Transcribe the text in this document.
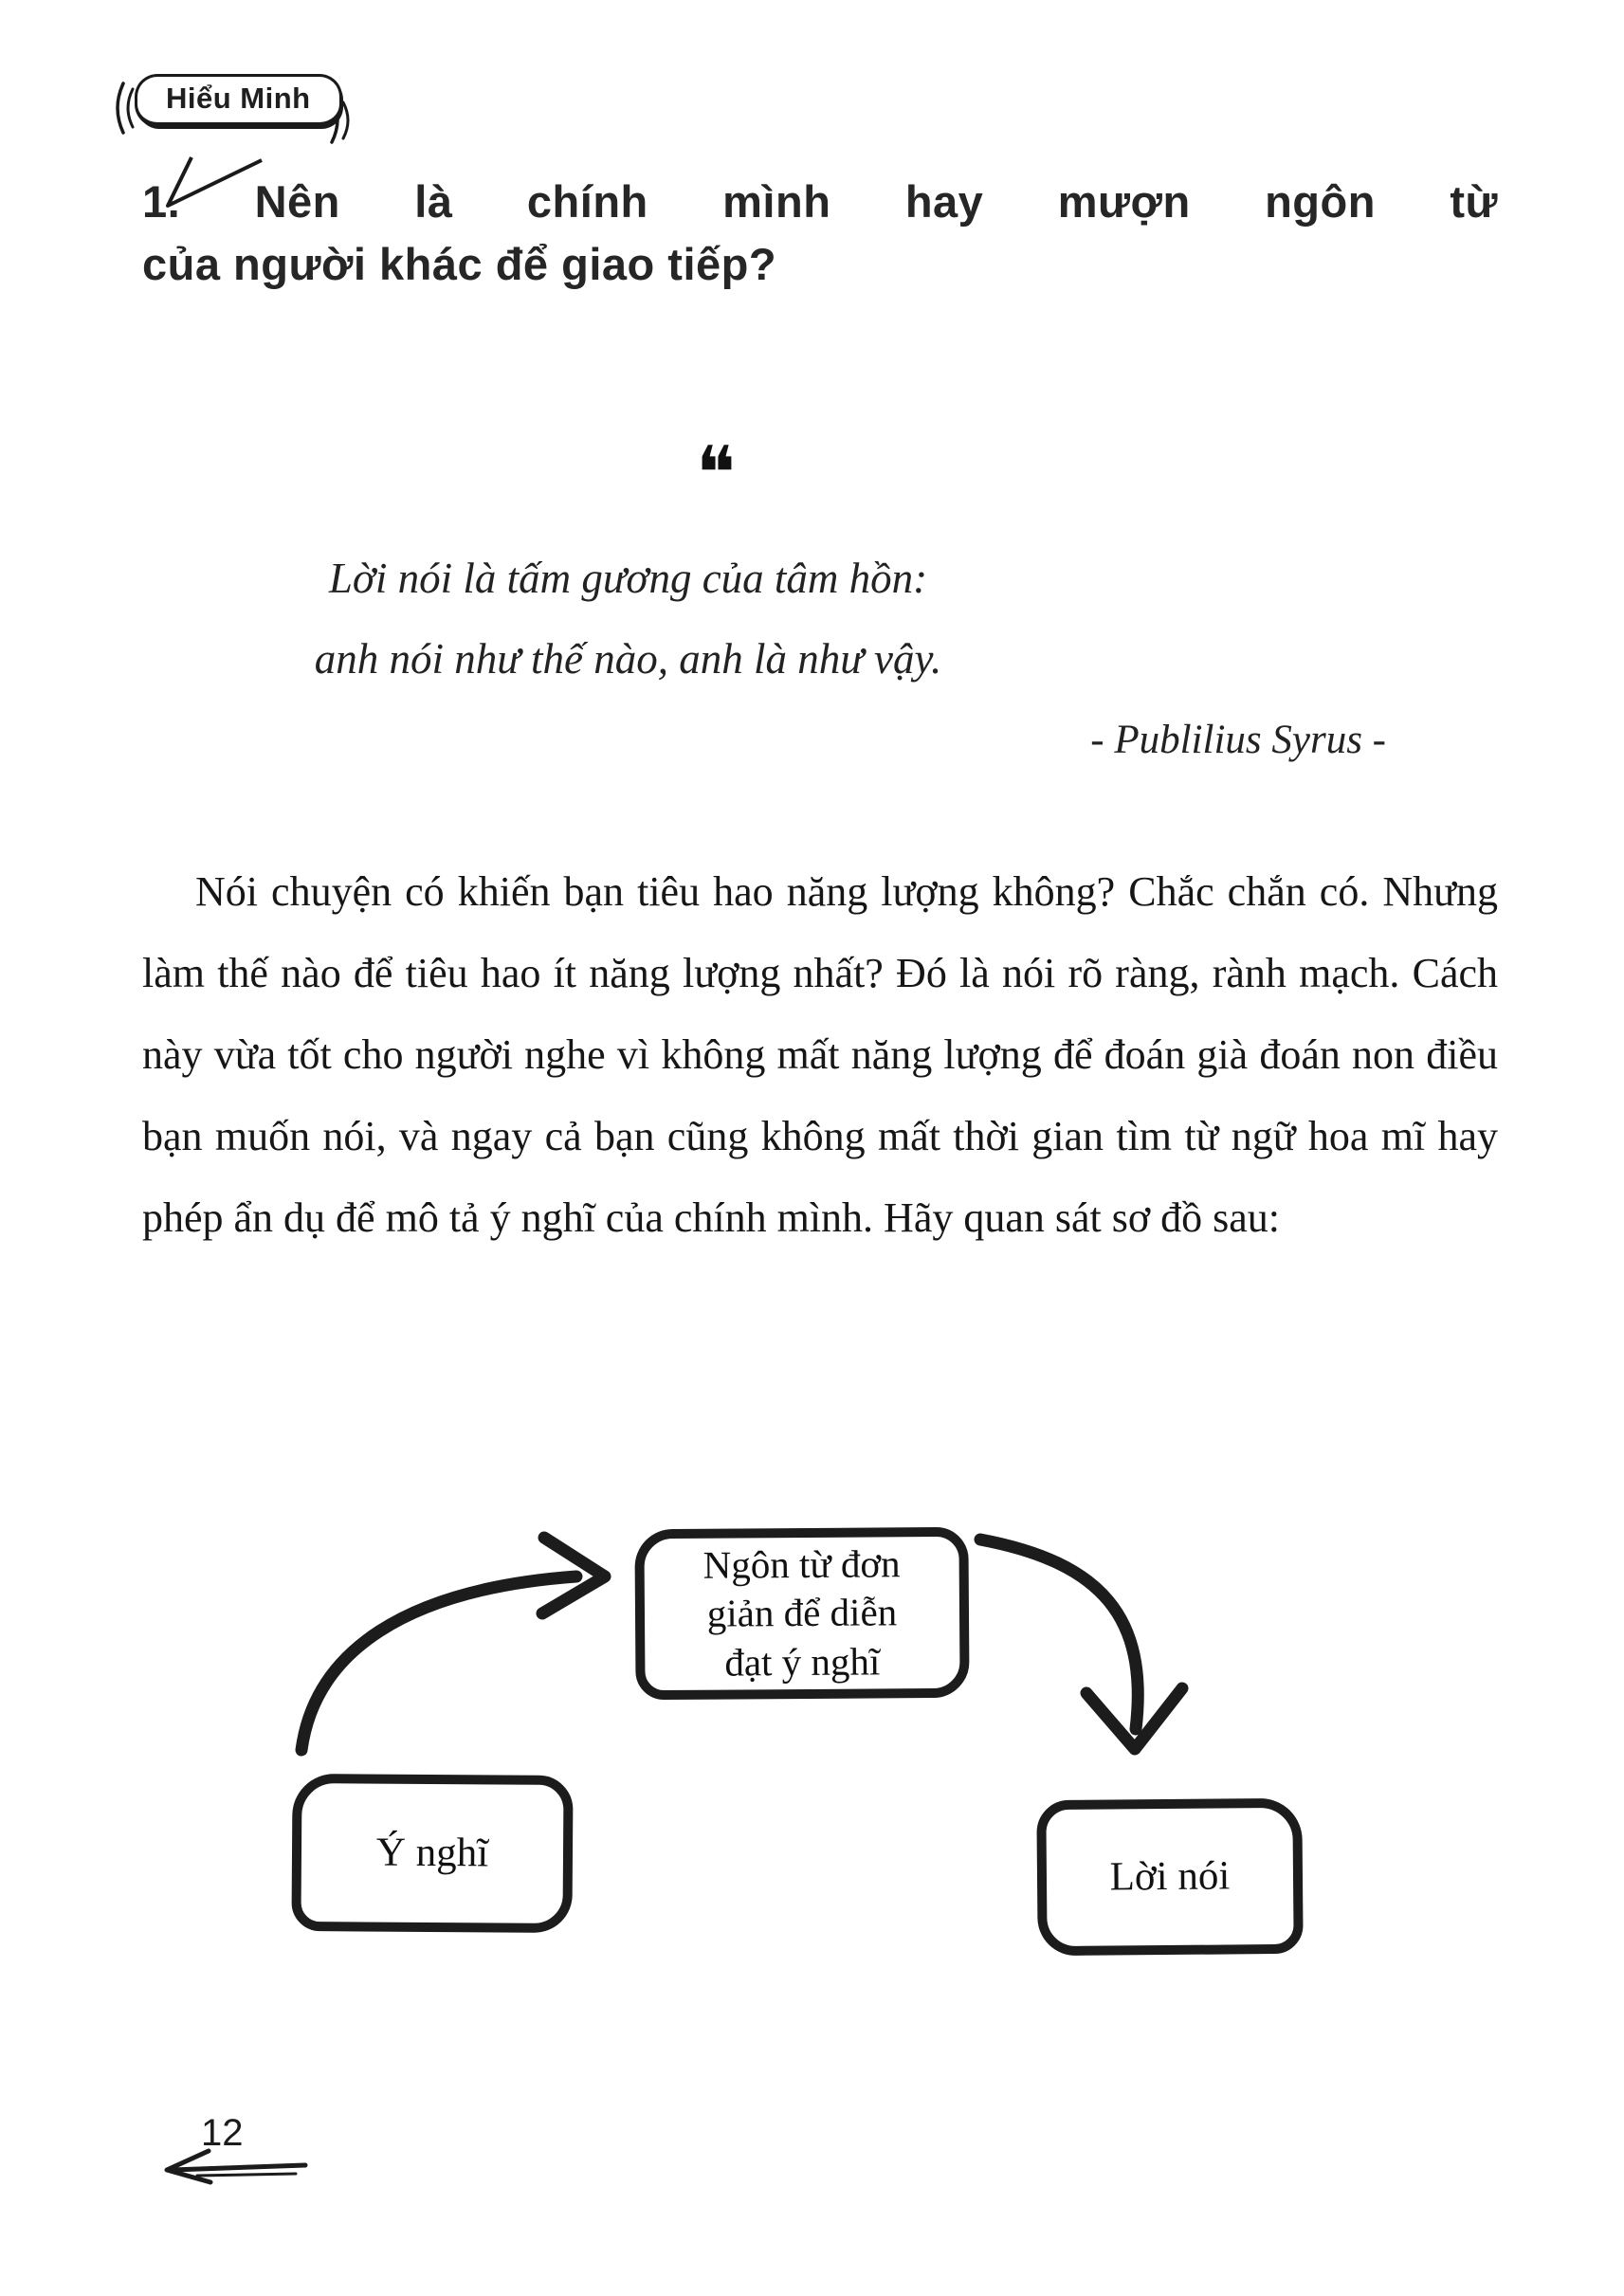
Hiểu Minh
1. Nên là chính mình hay mượn ngôn từ
của người khác để giao tiếp?
❝
Lời nói là tấm gương của tâm hồn:
anh nói như thế nào, anh là như vậy.
- Publilius Syrus -
Nói chuyện có khiến bạn tiêu hao năng lượng không? Chắc chắn có. Nhưng làm thế nào để tiêu hao ít năng lượng nhất? Đó là nói rõ ràng, rành mạch. Cách này vừa tốt cho người nghe vì không mất năng lượng để đoán già đoán non điều bạn muốn nói, và ngay cả bạn cũng không mất thời gian tìm từ ngữ hoa mĩ hay phép ẩn dụ để mô tả ý nghĩ của chính mình. Hãy quan sát sơ đồ sau:
Ý nghĩ
Ngôn từ đơn
giản để diễn
đạt ý nghĩ
Lời nói
12
